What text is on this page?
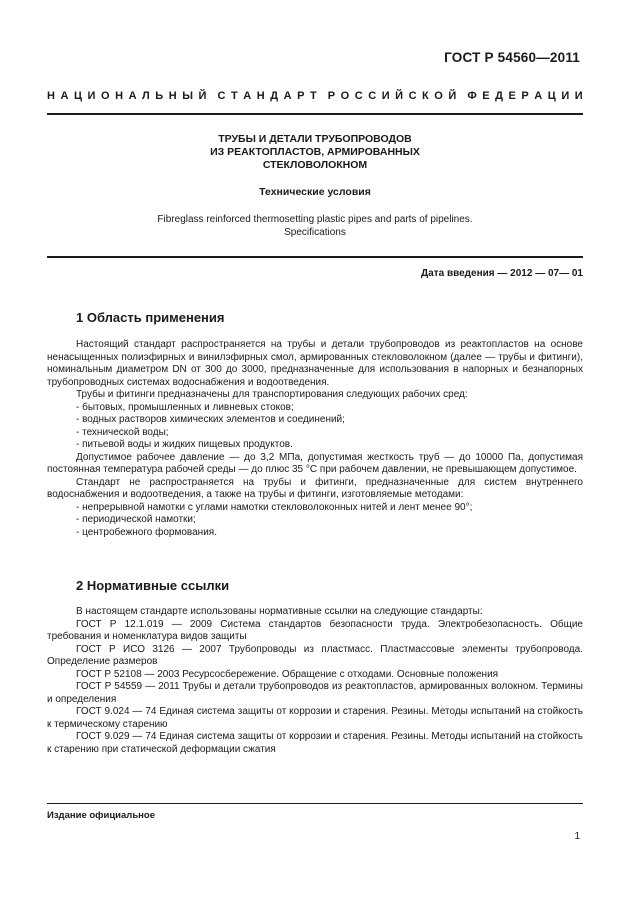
ГОСТ Р 54560—2011
Н А Ц И О Н А Л Ь Н Ы Й С Т А Н Д А Р Т Р О С С И Й С К О Й Ф Е Д Е Р А Ц И И
ТРУБЫ И ДЕТАЛИ ТРУБОПРОВОДОВ
ИЗ РЕАКТОПЛАСТОВ, АРМИРОВАННЫХ
СТЕКЛОВОЛОКНОМ
Технические условия
Fibreglass reinforced thermosetting plastic pipes and parts of pipelines.
Specifications
Дата введения — 2012 — 07— 01
1 Область применения

Настоящий стандарт распространяется на трубы и детали трубопроводов из реактопластов на основе ненасыщенных полиэфирных и винилэфирных смол, армированных стекловолокном (далее — трубы и фитинги), номинальным диаметром DN от 300 до 3000, предназначенные для использования в напорных и безнапорных трубопроводных системах водоснабжения и водоотведения.

Трубы и фитинги предназначены для транспортирования следующих рабочих сред:

- бытовых, промышленных и ливневых стоков;

- водных растворов химических элементов и соединений;

- технической воды;

- питьевой воды и жидких пищевых продуктов.

Допустимое рабочее давление — до 3,2 МПа, допустимая жесткость труб — до 10000 Па, допустимая постоянная температура рабочей среды — до плюс 35 °С при рабочем давлении, не превышающем допустимое.

Стандарт не распространяется на трубы и фитинги, предназначенные для систем внутреннего водоснабжения и водоотведения, а также на трубы и фитинги, изготовляемые методами:

- непрерывной намотки с углами намотки стекловолоконных нитей и лент менее 90°;

- периодической намотки;

- центробежного формования.

2 Нормативные ссылки

В настоящем стандарте использованы нормативные ссылки на следующие стандарты:

ГОСТ Р 12.1.019 — 2009 Система стандартов безопасности труда. Электробезопасность. Общие требования и номенклатура видов защиты

ГОСТ Р ИСО 3126 — 2007 Трубопроводы из пластмасс. Пластмассовые элементы трубопровода. Определение размеров

ГОСТ Р 52108 — 2003 Ресурсосбережение. Обращение с отходами. Основные положения

ГОСТ Р 54559 — 2011 Трубы и детали трубопроводов из реактопластов, армированных волокном. Термины и определения

ГОСТ 9.024 — 74 Единая система защиты от коррозии и старения. Резины. Методы испытаний на стойкость к термическому старению

ГОСТ 9.029 — 74 Единая система защиты от коррозии и старения. Резины. Методы испытаний на стойкость к старению при статической деформации сжатия

Издание официальное
1
